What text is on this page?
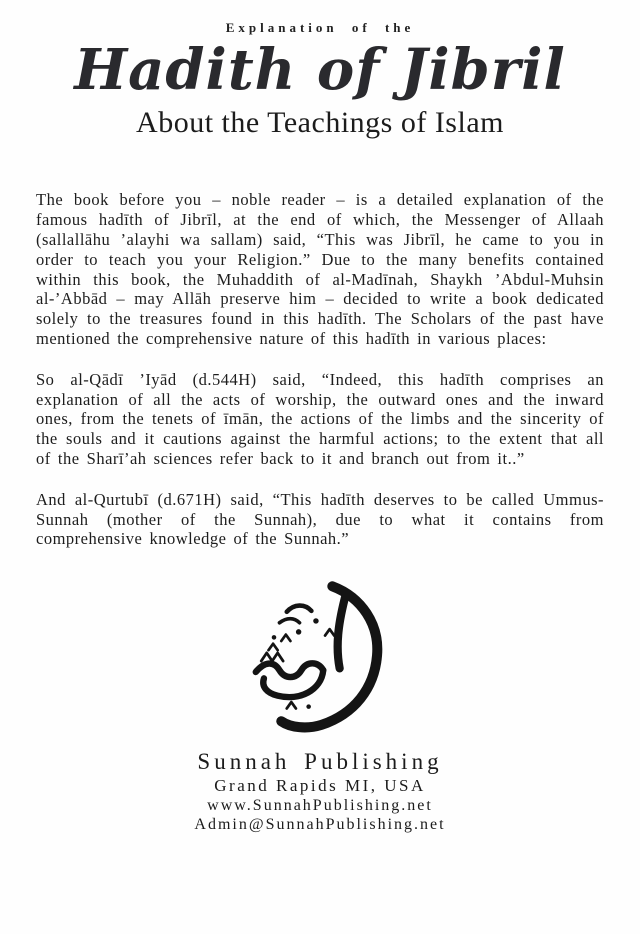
Explanation of the
Hadith of Jibril
About the Teachings of Islam

The book before you – noble reader – is a detailed explanation of the famous hadīth of Jibrīl, at the end of which, the Messenger of Allaah (sallallāhu ’alayhi wa sallam) said, “This was Jibrīl, he came to you in order to teach you your Religion.” Due to the many benefits contained within this book, the Muhaddith of al-Madīnah, Shaykh ’Abdul-Muhsin al-’Abbād – may Allāh preserve him – decided to write a book dedicated solely to the treasures found in this hadīth. The Scholars of the past have mentioned the comprehensive nature of this hadīth in various places:

So al-Qādī ’Iyād (d.544H) said, “Indeed, this hadīth comprises an explanation of all the acts of worship, the outward ones and the inward ones, from the tenets of īmān, the actions of the limbs and the sincerity of the souls and it cautions against the harmful actions; to the extent that all of the Sharī’ah sciences refer back to it and branch out from it..”

And al-Qurtubī (d.671H) said, “This hadīth deserves to be called Ummus-Sunnah (mother of the Sunnah), due to what it contains from comprehensive knowledge of the Sunnah.”

Sunnah Publishing
Grand Rapids MI, USA
www.SunnahPublishing.net
Admin@SunnahPublishing.net
